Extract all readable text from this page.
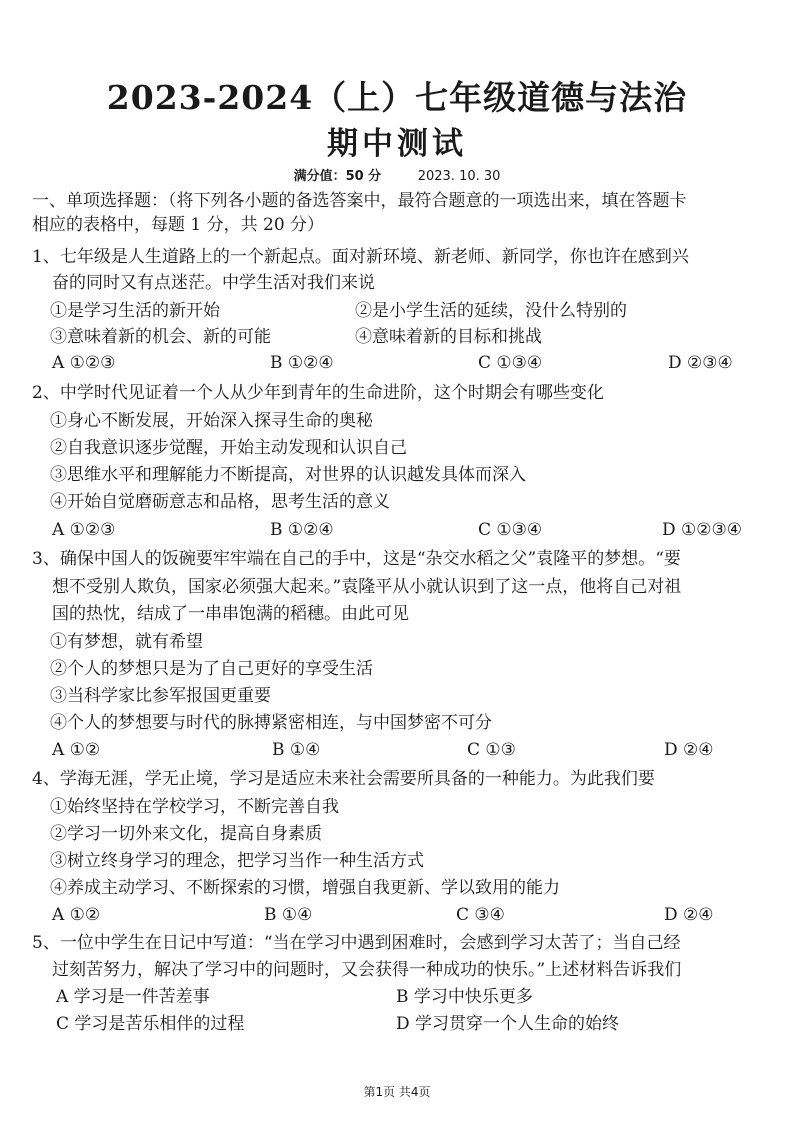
2023-2024（上）七年级道德与法治
期中测试
满分值：50 分	2023. 10. 30
一、单项选择题：（将下列各小题的备选答案中，最符合题意的一项选出来，填在答题卡
相应的表格中，每题 1 分，共 20 分）
1、七年级是人生道路上的一个新起点。面对新环境、新老师、新同学，你也许在感到兴
奋的同时又有点迷茫。中学生活对我们来说
①是学习生活的新开始	②是小学生活的延续，没什么特别的
③意味着新的机会、新的可能	④意味着新的目标和挑战
A ①②③	B ①②④	C ①③④	D ②③④
2、中学时代见证着一个人从少年到青年的生命进阶，这个时期会有哪些变化
①身心不断发展，开始深入探寻生命的奥秘
②自我意识逐步觉醒，开始主动发现和认识自己
③思维水平和理解能力不断提高，对世界的认识越发具体而深入
④开始自觉磨砺意志和品格，思考生活的意义
A ①②③	B ①②④	C ①③④	D ①②③④
3、确保中国人的饭碗要牢牢端在自己的手中，这是“杂交水稻之父”袁隆平的梦想。“要
想不受别人欺负，国家必须强大起来。”袁隆平从小就认识到了这一点，他将自己对祖
国的热忱，结成了一串串饱满的稻穗。由此可见
①有梦想，就有希望
②个人的梦想只是为了自己更好的享受生活
③当科学家比参军报国更重要
④个人的梦想要与时代的脉搏紧密相连，与中国梦密不可分
A ①②	B ①④	C ①③	D ②④
4、学海无涯，学无止境，学习是适应未来社会需要所具备的一种能力。为此我们要
①始终坚持在学校学习，不断完善自我
②学习一切外来文化，提高自身素质
③树立终身学习的理念，把学习当作一种生活方式
④养成主动学习、不断探索的习惯，增强自我更新、学以致用的能力
A ①②	B ①④	C ③④	D ②④
5、一位中学生在日记中写道：“当在学习中遇到困难时，会感到学习太苦了；当自己经
过刻苦努力，解决了学习中的问题时，又会获得一种成功的快乐。”上述材料告诉我们
A 学习是一件苦差事	B 学习中快乐更多
C 学习是苦乐相伴的过程	D 学习贯穿一个人生命的始终
第1页 共4页
